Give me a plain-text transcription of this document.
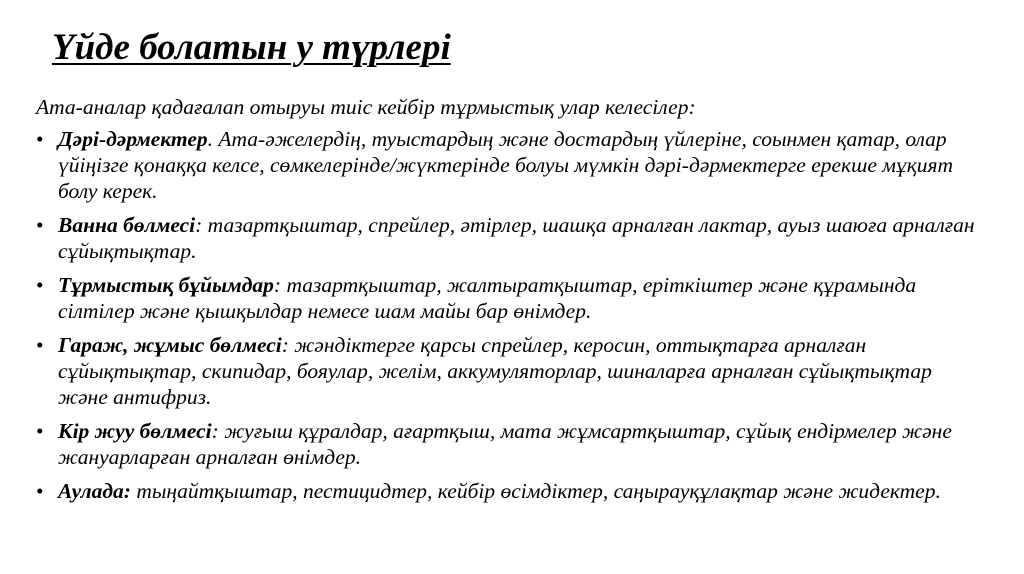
Үйде болатын у түрлері

Ата-аналар қадағалап отыруы тиіс кейбір тұрмыстық улар келесілер:

• Дәрі-дәрмектер. Ата-әжелердің, туыстардың және достардың үйлеріне, соынмен қатар, олар үйіңізге қонаққа келсе, сөмкелерінде/жүктерінде болуы мүмкін дәрі-дәрмектерге ерекше мұқият болу керек.
• Ванна бөлмесі: тазартқыштар, спрейлер, әтірлер, шашқа арналған лактар, ауыз шаюға арналған сұйықтықтар.
• Тұрмыстық бұйымдар: тазартқыштар, жалтыратқыштар, еріткіштер және құрамында сілтілер және қышқылдар немесе шам майы бар өнімдер.
• Гараж, жұмыс бөлмесі: жәндіктерге қарсы спрейлер, керосин, оттықтарға арналған сұйықтықтар, скипидар, бояулар, желім, аккумуляторлар, шиналарға арналған сұйықтықтар және антифриз.
• Кір жуу бөлмесі: жуғыш құралдар, ағартқыш, мата жұмсартқыштар, сұйық ендірмелер және жануарларған арналған өнімдер.
• Аулада: тыңайтқыштар, пестицидтер, кейбір өсімдіктер, саңырауқұлақтар және жидектер.
